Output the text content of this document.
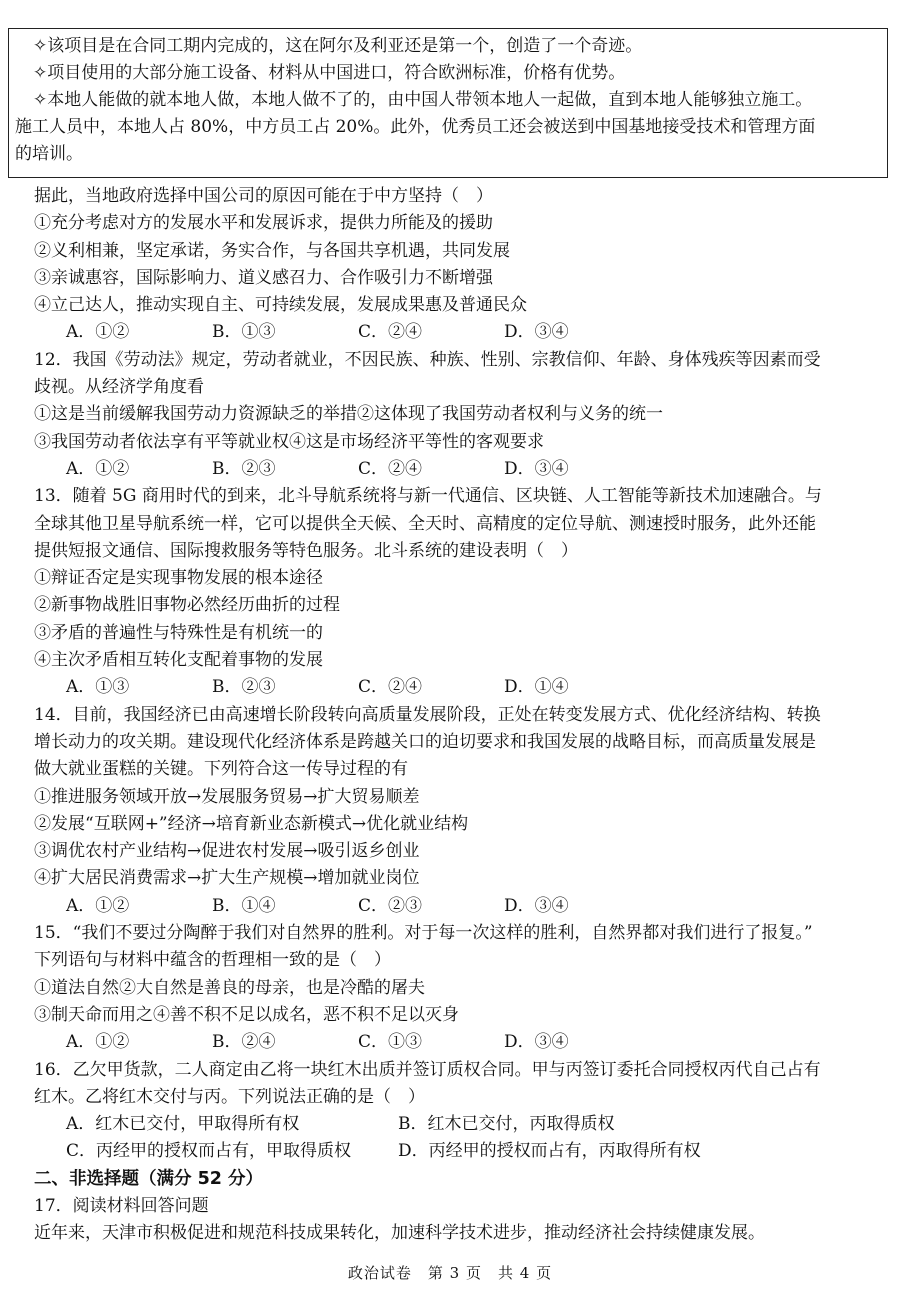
✧该项目是在合同工期内完成的，这在阿尔及利亚还是第一个，创造了一个奇迹。
✧项目使用的大部分施工设备、材料从中国进口，符合欧洲标准，价格有优势。
✧本地人能做的就本地人做，本地人做不了的，由中国人带领本地人一起做，直到本地人能够独立施工。
施工人员中，本地人占 80%，中方员工占 20%。此外，优秀员工还会被送到中国基地接受技术和管理方面
的培训。
据此，当地政府选择中国公司的原因可能在于中方坚持（　）
①充分考虑对方的发展水平和发展诉求，提供力所能及的援助
②义利相兼，坚定承诺，务实合作，与各国共享机遇，共同发展
③亲诚惠容，国际影响力、道义感召力、合作吸引力不断增强
④立己达人，推动实现自主、可持续发展，发展成果惠及普通民众
A．①②	B．①③	C．②④	D．③④
12．我国《劳动法》规定，劳动者就业，不因民族、种族、性别、宗教信仰、年龄、身体残疾等因素而受
歧视。从经济学角度看
①这是当前缓解我国劳动力资源缺乏的举措②这体现了我国劳动者权利与义务的统一
③我国劳动者依法享有平等就业权④这是市场经济平等性的客观要求
A．①②	B．②③	C．②④	D．③④
13．随着 5G 商用时代的到来，北斗导航系统将与新一代通信、区块链、人工智能等新技术加速融合。与
全球其他卫星导航系统一样，它可以提供全天候、全天时、高精度的定位导航、测速授时服务，此外还能
提供短报文通信、国际搜救服务等特色服务。北斗系统的建设表明（　）
①辩证否定是实现事物发展的根本途径
②新事物战胜旧事物必然经历曲折的过程
③矛盾的普遍性与特殊性是有机统一的
④主次矛盾相互转化支配着事物的发展
A．①③	B．②③	C．②④	D．①④
14．目前，我国经济已由高速增长阶段转向高质量发展阶段，正处在转变发展方式、优化经济结构、转换
增长动力的攻关期。建设现代化经济体系是跨越关口的迫切要求和我国发展的战略目标，而高质量发展是
做大就业蛋糕的关键。下列符合这一传导过程的有
①推进服务领域开放→发展服务贸易→扩大贸易顺差
②发展“互联网+”经济→培育新业态新模式→优化就业结构
③调优农村产业结构→促进农村发展→吸引返乡创业
④扩大居民消费需求→扩大生产规模→增加就业岗位
A．①②	B．①④	C．②③	D．③④
15．“我们不要过分陶醉于我们对自然界的胜利。对于每一次这样的胜利，自然界都对我们进行了报复。”
下列语句与材料中蕴含的哲理相一致的是（　）
①道法自然②大自然是善良的母亲，也是冷酷的屠夫
③制天命而用之④善不积不足以成名，恶不积不足以灭身
A．①②	B．②④	C．①③	D．③④
16．乙欠甲货款，二人商定由乙将一块红木出质并签订质权合同。甲与丙签订委托合同授权丙代自己占有
红木。乙将红木交付与丙。下列说法正确的是（　）
A．红木已交付，甲取得所有权	B．红木已交付，丙取得质权
C．丙经甲的授权而占有，甲取得质权	D．丙经甲的授权而占有，丙取得所有权
二、非选择题（满分 52 分）
17．阅读材料回答问题
近年来，天津市积极促进和规范科技成果转化，加速科学技术进步，推动经济社会持续健康发展。
政治试卷　第 3 页　共 4 页
